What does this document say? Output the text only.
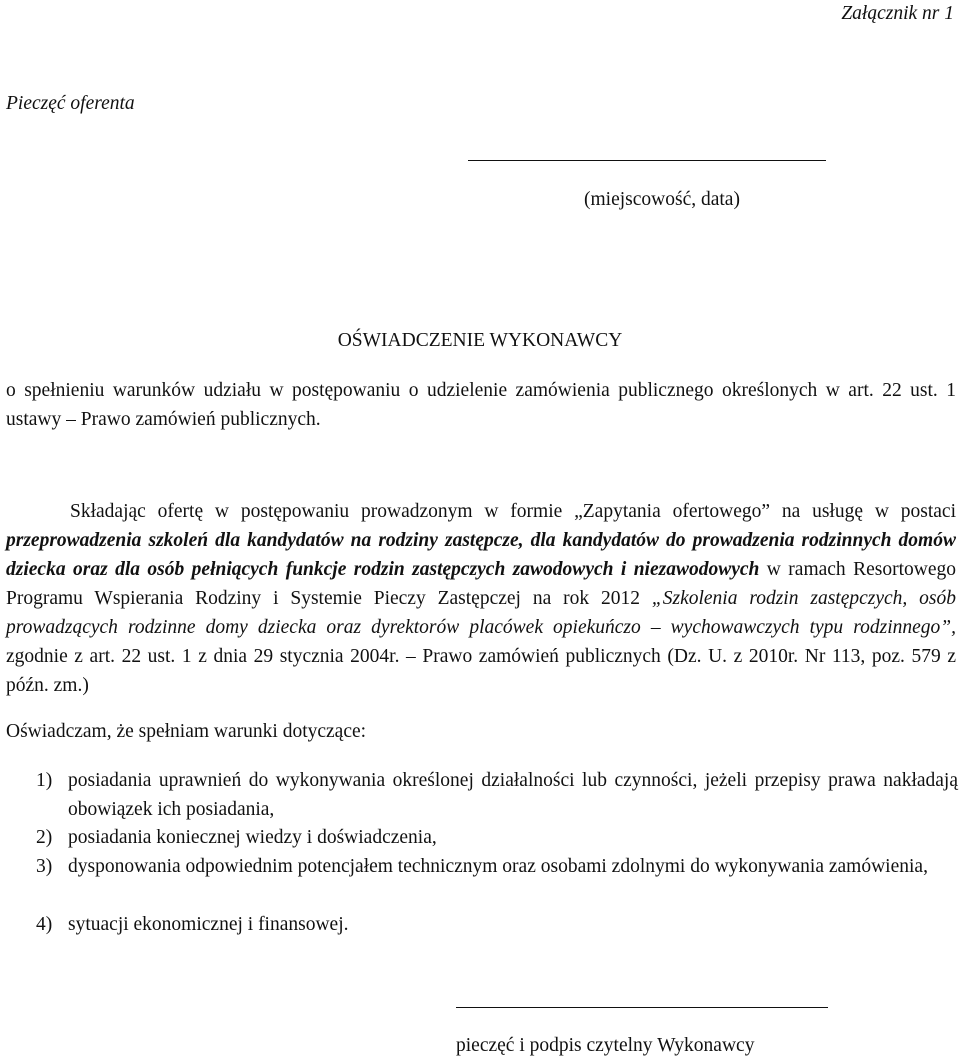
Załącznik nr 1
Pieczęć oferenta
(miejscowość, data)
OŚWIADCZENIE WYKONAWCY
o spełnieniu warunków udziału w postępowaniu o udzielenie zamówienia publicznego określonych w art. 22 ust. 1 ustawy – Prawo zamówień publicznych.
Składając ofertę w postępowaniu prowadzonym w formie „Zapytania ofertowego” na usługę w postaci przeprowadzenia szkoleń dla kandydatów na rodziny zastępcze, dla kandydatów do prowadzenia rodzinnych domów dziecka oraz dla osób pełniących funkcje rodzin zastępczych zawodowych i niezawodowych w ramach Resortowego Programu Wspierania Rodziny i Systemie Pieczy Zastępczej na rok 2012 „Szkolenia rodzin zastępczych, osób prowadzących rodzinne domy dziecka oraz dyrektorów placówek opiekuńczo – wychowawczych typu rodzinnego”, zgodnie z art. 22 ust. 1 z dnia 29 stycznia 2004r. – Prawo zamówień publicznych (Dz. U. z 2010r. Nr 113, poz. 579 z późn. zm.)
Oświadczam, że spełniam warunki dotyczące:
1) posiadania uprawnień do wykonywania określonej działalności lub czynności, jeżeli przepisy prawa nakładają obowiązek ich posiadania,
2) posiadania koniecznej wiedzy i doświadczenia,
3) dysponowania odpowiednim potencjałem technicznym oraz osobami zdolnymi do wykonywania zamówienia,
4) sytuacji ekonomicznej i finansowej.
pieczęć i podpis czytelny Wykonawcy
